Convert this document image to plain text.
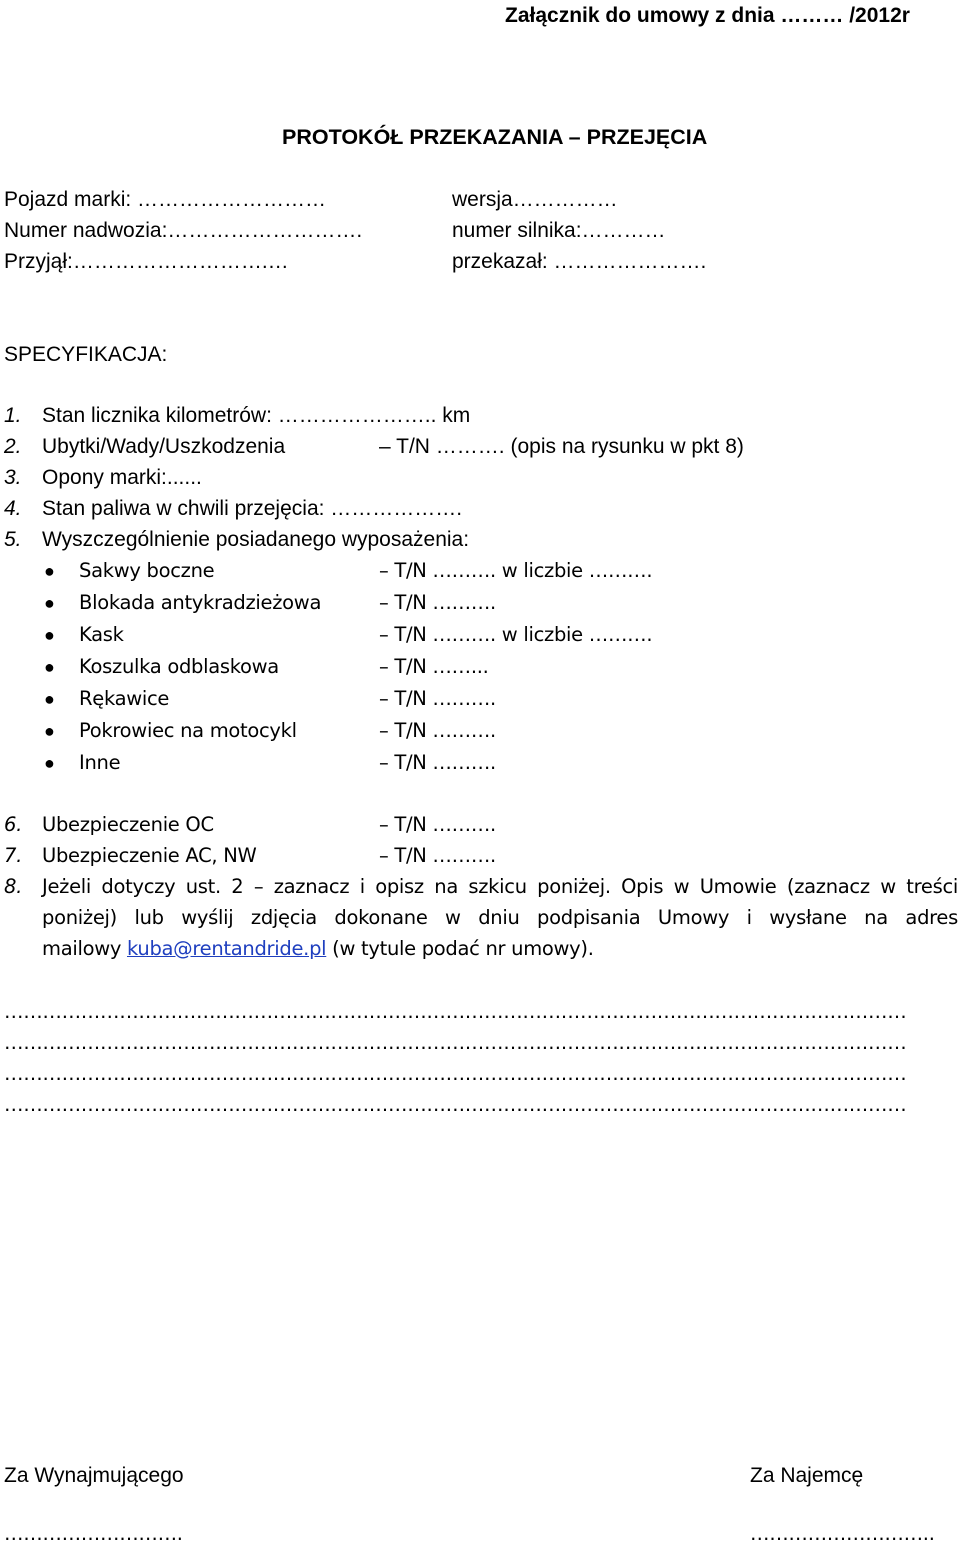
Załącznik do umowy z dnia ……… /2012r
PROTOKÓŁ PRZEKAZANIA – PRZEJĘCIA
Pojazd marki: ………………………	wersja……………
Numer nadwozia:……………………….	numer silnika:…………
Przyjął:……………………….…	przekazał: ………………….
SPECYFIKACJA:
1. Stan licznika kilometrów: ………………….. km
2. Ubytki/Wady/Uszkodzenia	– T/N ………. (opis na rysunku w pkt 8)
3. Opony marki:......
4. Stan paliwa w chwili przejęcia: ……………….
5. Wyszczególnienie posiadanego wyposażenia:
● Sakwy boczne	– T/N ………. w liczbie ……….
● Blokada antykradzieżowa	– T/N ……….
● Kask	– T/N ………. w liczbie ……….
● Koszulka odblaskowa	– T/N ……...
● Rękawice	– T/N ……….
● Pokrowiec na motocykl	– T/N ……….
● Inne	– T/N ……….
6. Ubezpieczenie OC	– T/N ……….
7. Ubezpieczenie AC, NW	– T/N ……….
8. Jeżeli dotyczy ust. 2 – zaznacz i opisz na szkicu poniżej. Opis w Umowie (zaznacz w treści
poniżej) lub wyślij zdjęcia dokonane w dniu podpisania Umowy i wysłane na adres
mailowy kuba@rentandride.pl (w tytule podać nr umowy).
……………………………………………………………………………………………………………………………
……………………………………………………………………………………………………………………………
……………………………………………………………………………………………………………………………
……………………………………………………………………………………………………………………………
Za Wynajmującego	Za Najemcę
……………………….	………………………..
